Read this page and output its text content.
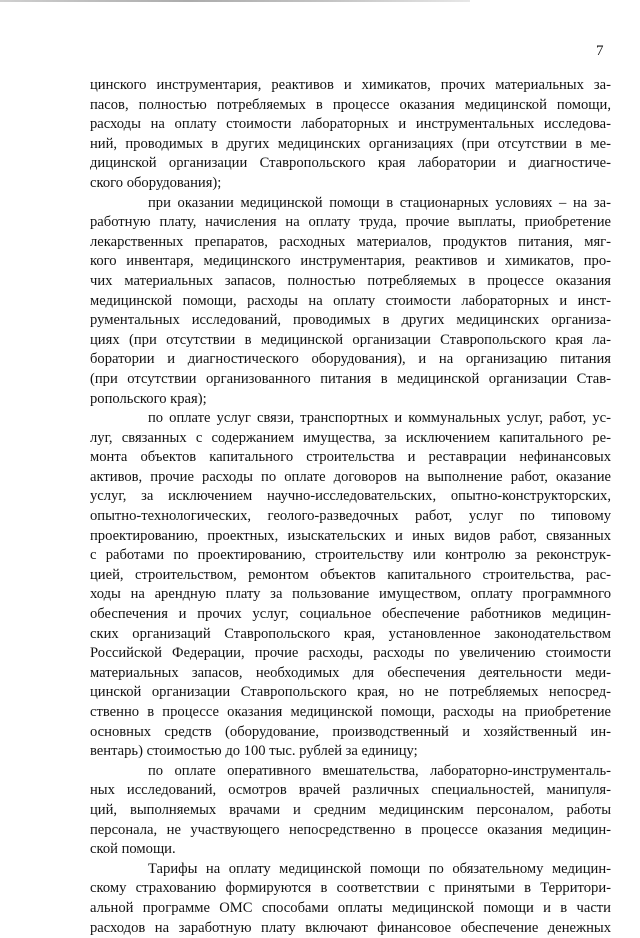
7
цинского инструментария, реактивов и химикатов, прочих материальных за-
пасов, полностью потребляемых в процессе оказания медицинской помощи,
расходы на оплату стоимости лабораторных и инструментальных исследова-
ний, проводимых в других медицинских организациях (при отсутствии в ме-
дицинской организации Ставропольского края лаборатории и диагностиче-
ского оборудования);
при оказании медицинской помощи в стационарных условиях – на за-
работную плату, начисления на оплату труда, прочие выплаты, приобретение
лекарственных препаратов, расходных материалов, продуктов питания, мяг-
кого инвентаря, медицинского инструментария, реактивов и химикатов, про-
чих материальных запасов, полностью потребляемых в процессе оказания
медицинской помощи, расходы на оплату стоимости лабораторных и инст-
рументальных исследований, проводимых в других медицинских организа-
циях (при отсутствии в медицинской организации Ставропольского края ла-
боратории и диагностического оборудования), и на организацию питания
(при отсутствии организованного питания в медицинской организации Став-
ропольского края);
по оплате услуг связи, транспортных и коммунальных услуг, работ, ус-
луг, связанных с содержанием имущества, за исключением капитального ре-
монта объектов капитального строительства и реставрации нефинансовых
активов, прочие расходы по оплате договоров на выполнение работ, оказание
услуг, за исключением научно-исследовательских, опытно-конструкторских,
опытно-технологических, геолого-разведочных работ, услуг по типовому
проектированию, проектных, изыскательских и иных видов работ, связанных
с работами по проектированию, строительству или контролю за реконструк-
цией, строительством, ремонтом объектов капитального строительства, рас-
ходы на арендную плату за пользование имуществом, оплату программного
обеспечения и прочих услуг, социальное обеспечение работников медицин-
ских организаций Ставропольского края, установленное законодательством
Российской Федерации, прочие расходы, расходы по увеличению стоимости
материальных запасов, необходимых для обеспечения деятельности меди-
цинской организации Ставропольского края, но не потребляемых непосред-
ственно в процессе оказания медицинской помощи, расходы на приобретение
основных средств (оборудование, производственный и хозяйственный ин-
вентарь) стоимостью до 100 тыс. рублей за единицу;
по оплате оперативного вмешательства, лабораторно-инструменталь-
ных исследований, осмотров врачей различных специальностей, манипуля-
ций, выполняемых врачами и средним медицинским персоналом, работы
персонала, не участвующего непосредственно в процессе оказания медицин-
ской помощи.
Тарифы на оплату медицинской помощи по обязательному медицин-
скому страхованию формируются в соответствии с принятыми в Территори-
альной программе ОМС способами оплаты медицинской помощи и в части
расходов на заработную плату включают финансовое обеспечение денежных
